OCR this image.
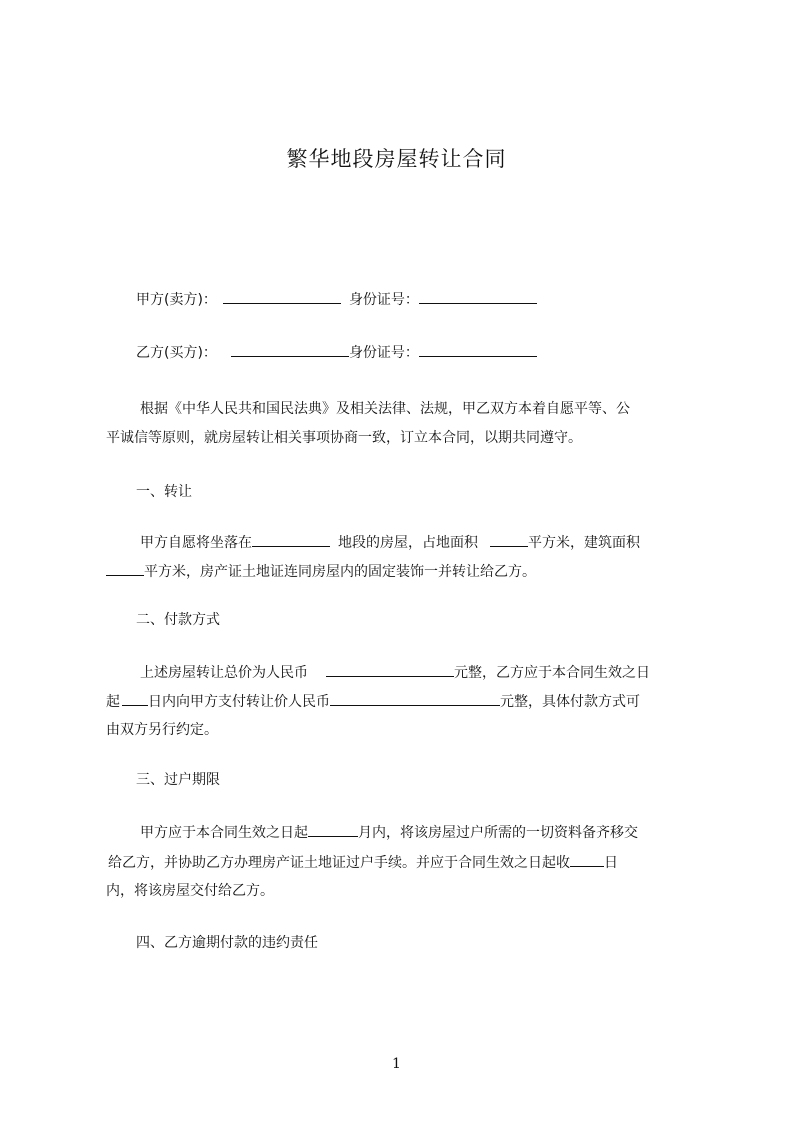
繁华地段房屋转让合同
甲方(卖方)：	身份证号：
乙方(买方)：	身份证号：
根据《中华人民共和国民法典》及相关法律、法规，甲乙双方本着自愿平等、公
平诚信等原则，就房屋转让相关事项协商一致，订立本合同，以期共同遵守。
一、转让
甲方自愿将坐落在	地段的房屋，占地面积	平方米，建筑面积
平方米，房产证土地证连同房屋内的固定装饰一并转让给乙方。
二、付款方式
上述房屋转让总价为人民币	元整，乙方应于本合同生效之日
起 日内向甲方支付转让价人民币	元整，具体付款方式可
由双方另行约定。
三、过户期限
甲方应于本合同生效之日起	月内，将该房屋过户所需的一切资料备齐移交
给乙方，并协助乙方办理房产证土地证过户手续。并应于合同生效之日起收 日
内，将该房屋交付给乙方。
四、乙方逾期付款的违约责任
1
